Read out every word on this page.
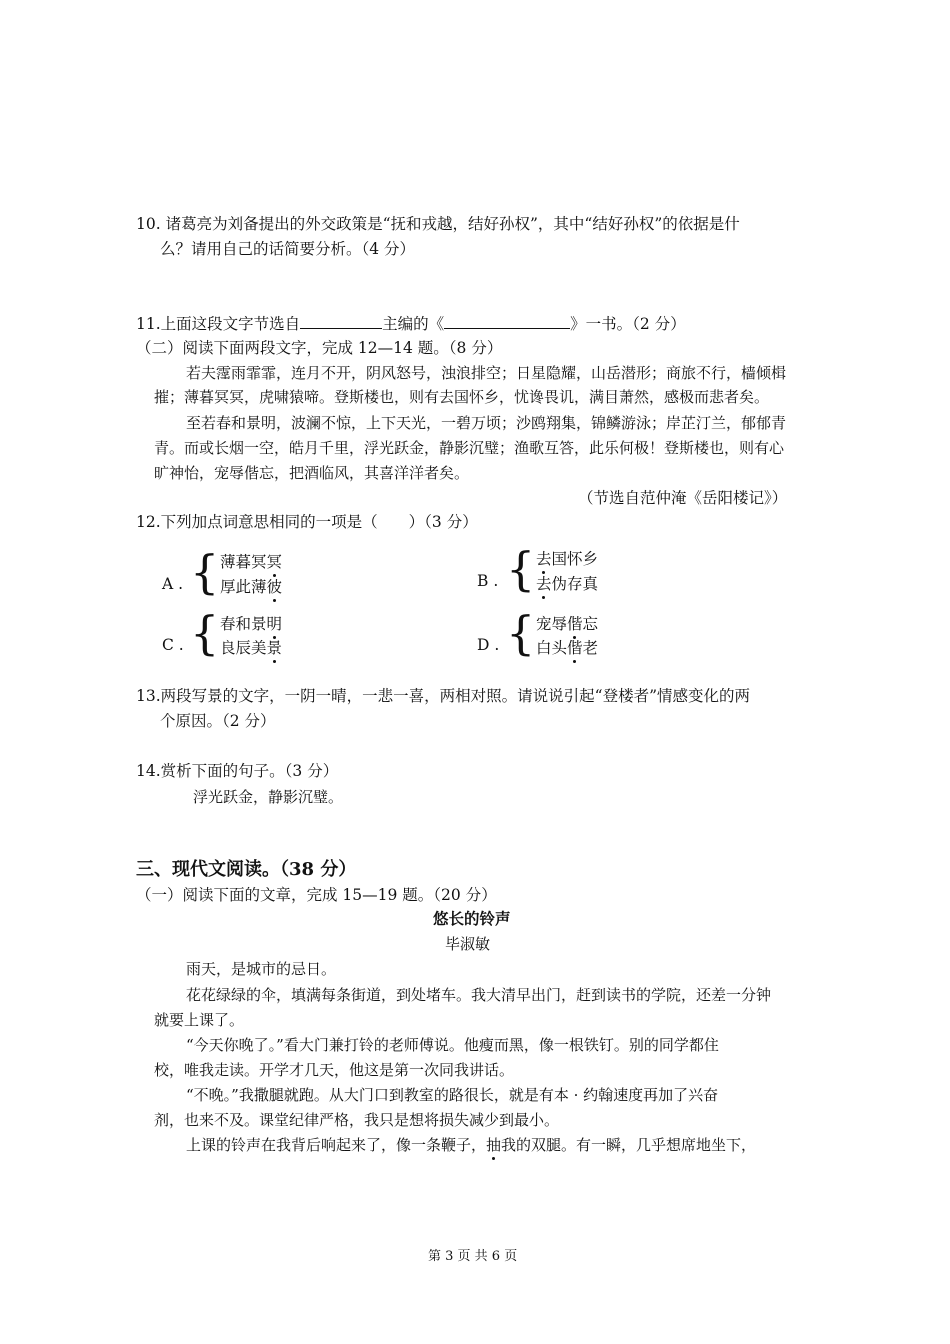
10. 诸葛亮为刘备提出的外交政策是“抚和戎越，结好孙权”，其中“结好孙权”的依据是什
么？请用自己的话简要分析。（4 分）
11.上面这段文字节选自	主编的《	》一书。（2 分）
（二）阅读下面两段文字，完成 12—14 题。（8 分）
若夫霪雨霏霏，连月不开，阴风怒号，浊浪排空；日星隐耀，山岳潜形；商旅不行，樯倾楫
摧；薄暮冥冥，虎啸猿啼。登斯楼也，则有去国怀乡，忧谗畏讥，满目萧然，感极而悲者矣。
至若春和景明，波澜不惊，上下天光，一碧万顷；沙鸥翔集，锦鳞游泳；岸芷汀兰，郁郁青
青。而或长烟一空，皓月千里，浮光跃金，静影沉璧；渔歌互答，此乐何极！登斯楼也，则有心
旷神怡，宠辱偕忘，把酒临风，其喜洋洋者矣。
（节选自范仲淹《岳阳楼记》）
12.下列加点词意思相同的一项是（　　）（3 分）
A . { 薄暮冥冥
厚此薄彼	B . { 去国怀乡
去伪存真
C . { 春和景明
良辰美景	D . { 宠辱偕忘
白头偕老
13.两段写景的文字，一阴一晴，一悲一喜，两相对照。请说说引起“登楼者”情感变化的两
个原因。（2 分）
14.赏析下面的句子。（3 分）
浮光跃金，静影沉璧。
三、现代文阅读。（38 分）
（一）阅读下面的文章，完成 15—19 题。（20 分）
悠长的铃声
毕淑敏
雨天，是城市的忌日。
花花绿绿的伞，填满每条街道，到处堵车。我大清早出门，赶到读书的学院，还差一分钟
就要上课了。
“今天你晚了。”看大门兼打铃的老师傅说。他瘦而黑，像一根铁钉。别的同学都住
校，唯我走读。开学才几天，他这是第一次同我讲话。
“不晚。”我撒腿就跑。从大门口到教室的路很长，就是有本 · 约翰速度再加了兴奋
剂，也来不及。课堂纪律严格，我只是想将损失减少到最小。
上课的铃声在我背后响起来了，像一条鞭子，抽我的双腿。有一瞬，几乎想席地坐下，
第 3 页 共 6 页
